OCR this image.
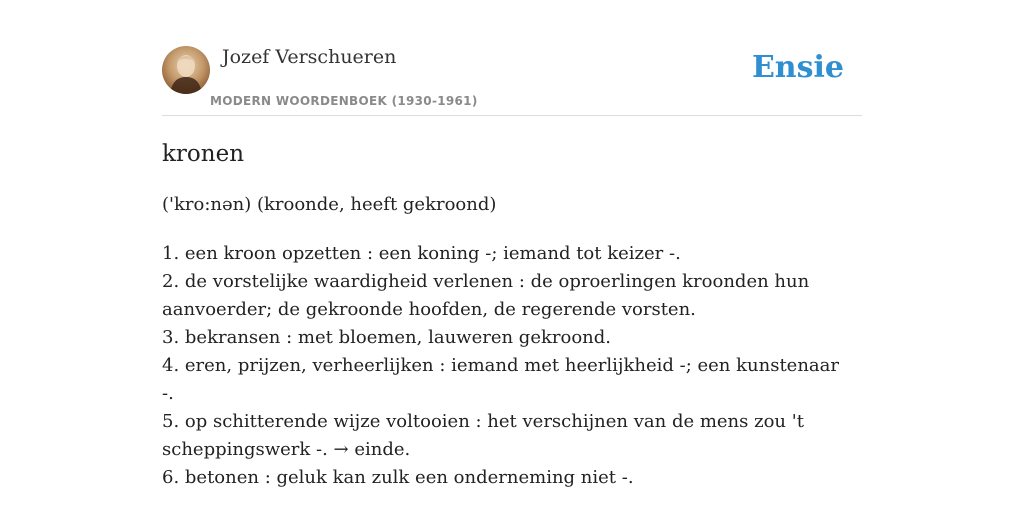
Jozef Verschueren
MODERN WOORDENBOEK (1930-1961)
Ensie
kronen
('kro:nən) (kroonde, heeft gekroond)
1. een kroon opzetten : een koning -; iemand tot keizer -.
2. de vorstelijke waardigheid verlenen : de oproerlingen kroonden hun aanvoerder; de gekroonde hoofden, de regerende vorsten.
3. bekransen : met bloemen, lauweren gekroond.
4. eren, prijzen, verheerlijken : iemand met heerlijkheid -; een kunstenaar -.
5. op schitterende wijze voltooien : het verschijnen van de mens zou 't scheppingswerk -. → einde.
6. betonen : geluk kan zulk een onderneming niet -.
